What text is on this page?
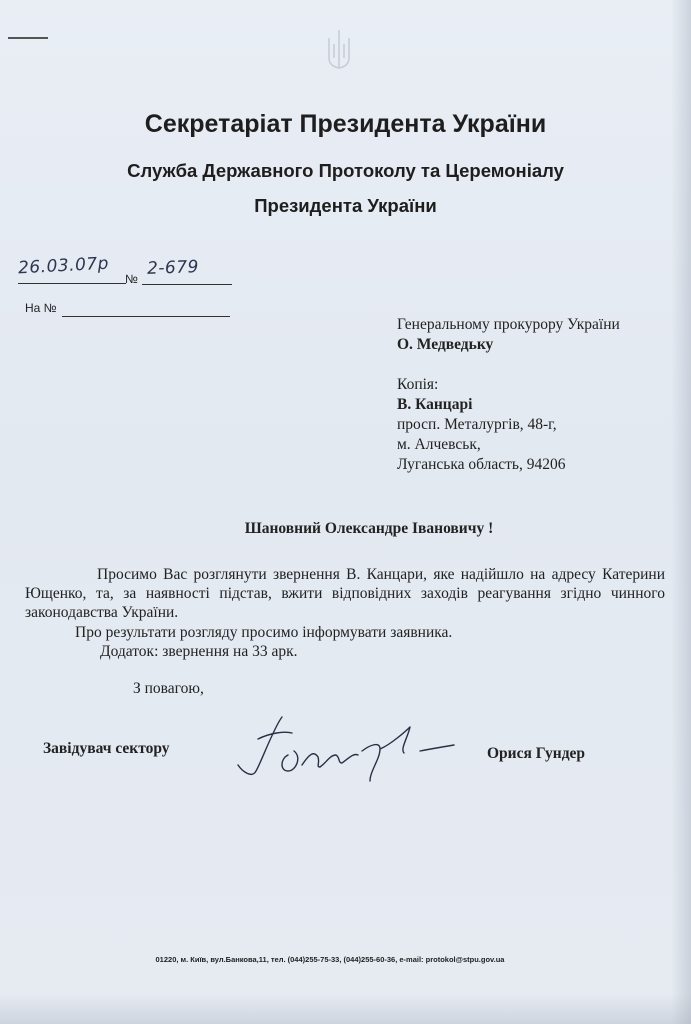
Секретаріат Президента України
Служба Державного Протоколу та Церемоніалу
Президента України
26.03.07р
№
2-679
На №
Генеральному прокурору України
О. Медведьку
Копія:
В. Канцарі
просп. Металургів, 48-г,
м. Алчевськ,
Луганська область, 94206
Шановний Олександре Івановичу !
Просимо Вас розглянути звернення В. Канцари, яке надійшло на адресу Катерини Ющенко, та, за наявності підстав, вжити відповідних заходів реагування згідно чинного законодавства України.
Про результати розгляду просимо інформувати заявника.
Додаток: звернення на 33 арк.
З повагою,
Завідувач сектору	Орися Гундер
01220, м. Київ, вул.Банкова,11, тел. (044)255-75-33, (044)255-60-36, e-mail: protokol@stpu.gov.ua
